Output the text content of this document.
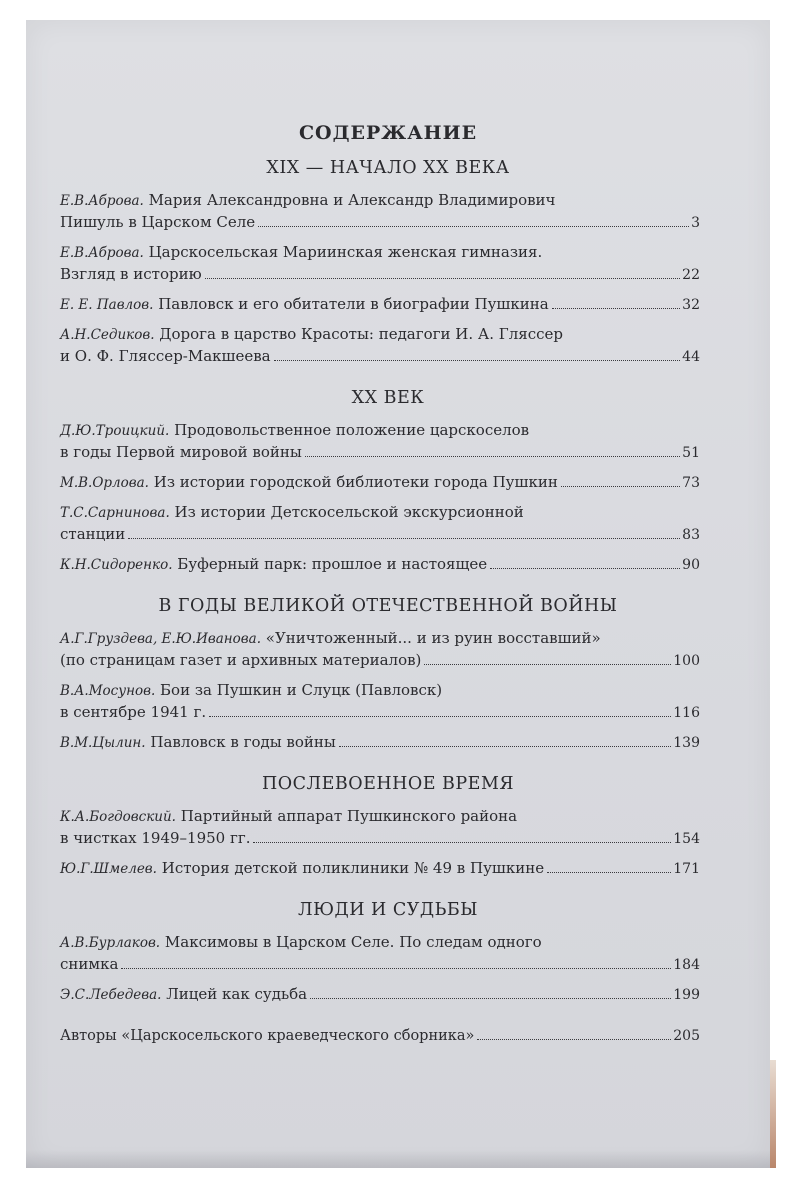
СОДЕРЖАНИЕ
XIX — НАЧАЛО XX ВЕКА
Е.В.Аброва. Мария Александровна и Александр Владимирович
Пишуль в Царском Селе	3
Е.В.Аброва. Царскосельская Мариинская женская гимназия.
Взгляд в историю	22
Е. Е. Павлов. Павловск и его обитатели в биографии Пушкина	32
А.Н.Седиков. Дорога в царство Красоты: педагоги И. А. Гляссер
и О. Ф. Гляссер-Макшеева	44
XX ВЕК
Д.Ю.Троицкий. Продовольственное положение царскоселов
в годы Первой мировой войны	51
М.В.Орлова. Из истории городской библиотеки города Пушкин	73
Т.С.Сарнинова. Из истории Детскосельской экскурсионной
станции	83
К.Н.Сидоренко. Буферный парк: прошлое и настоящее	90
В ГОДЫ ВЕЛИКОЙ ОТЕЧЕСТВЕННОЙ ВОЙНЫ
А.Г.Груздева, Е.Ю.Иванова. «Уничтоженный... и из руин восставший»
(по страницам газет и архивных материалов)	100
В.А.Мосунов. Бои за Пушкин и Слуцк (Павловск)
в сентябре 1941 г.	116
В.М.Цылин. Павловск в годы войны	139
ПОСЛЕВОЕННОЕ ВРЕМЯ
К.А.Богдовский. Партийный аппарат Пушкинского района
в чистках 1949–1950 гг.	154
Ю.Г.Шмелев. История детской поликлиники № 49 в Пушкине	171
ЛЮДИ И СУДЬБЫ
А.В.Бурлаков. Максимовы в Царском Селе. По следам одного
снимка	184
Э.С.Лебедева. Лицей как судьба	199
Авторы «Царскосельского краеведческого сборника»	205
